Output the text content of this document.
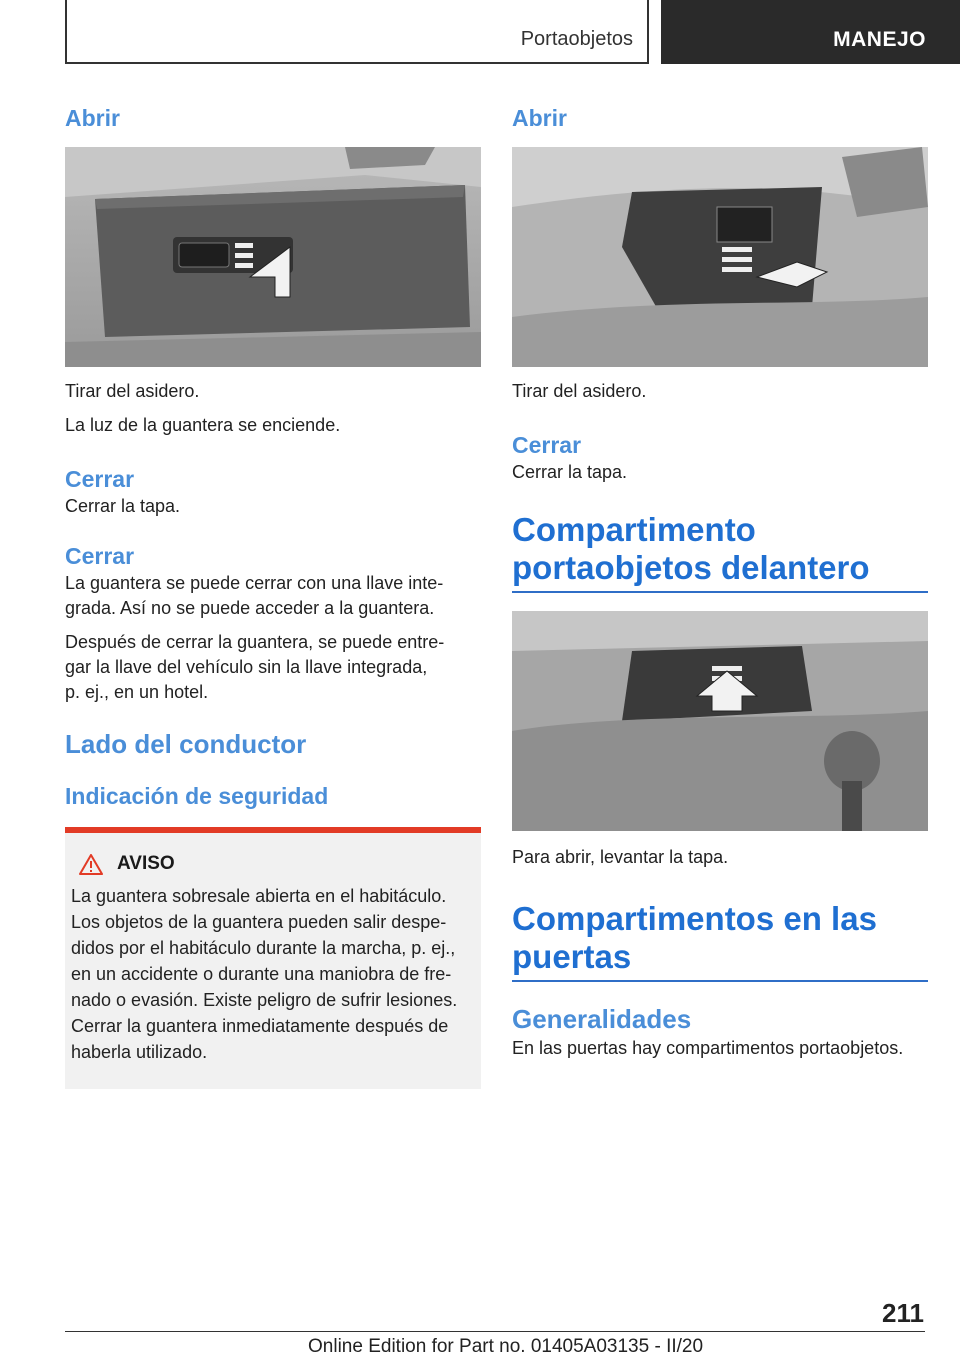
Portaobjetos	MANEJO
Abrir

Tirar del asidero.

La luz de la guantera se enciende.

Cerrar

Cerrar la tapa.

Cerrar

La guantera se puede cerrar con una llave inte‐
grada. Así no se puede acceder a la guantera.

Después de cerrar la guantera, se puede entre‐
gar la llave del vehículo sin la llave integrada,
p. ej., en un hotel.

Lado del conductor
Indicación de seguridad
AVISO

La guantera sobresale abierta en el habitáculo.
Los objetos de la guantera pueden salir despe‐
didos por el habitáculo durante la marcha, p. ej.,
en un accidente o durante una maniobra de fre‐
nado o evasión. Existe peligro de sufrir lesiones.
Cerrar la guantera inmediatamente después de
haberla utilizado.

Abrir

Tirar del asidero.

Cerrar

Cerrar la tapa.

Compartimento
portaobjetos delantero

Para abrir, levantar la tapa.

Compartimentos en las
puertas
Generalidades

En las puertas hay compartimentos portaobjetos.

211
Online Edition for Part no. 01405A03135 - II/20
